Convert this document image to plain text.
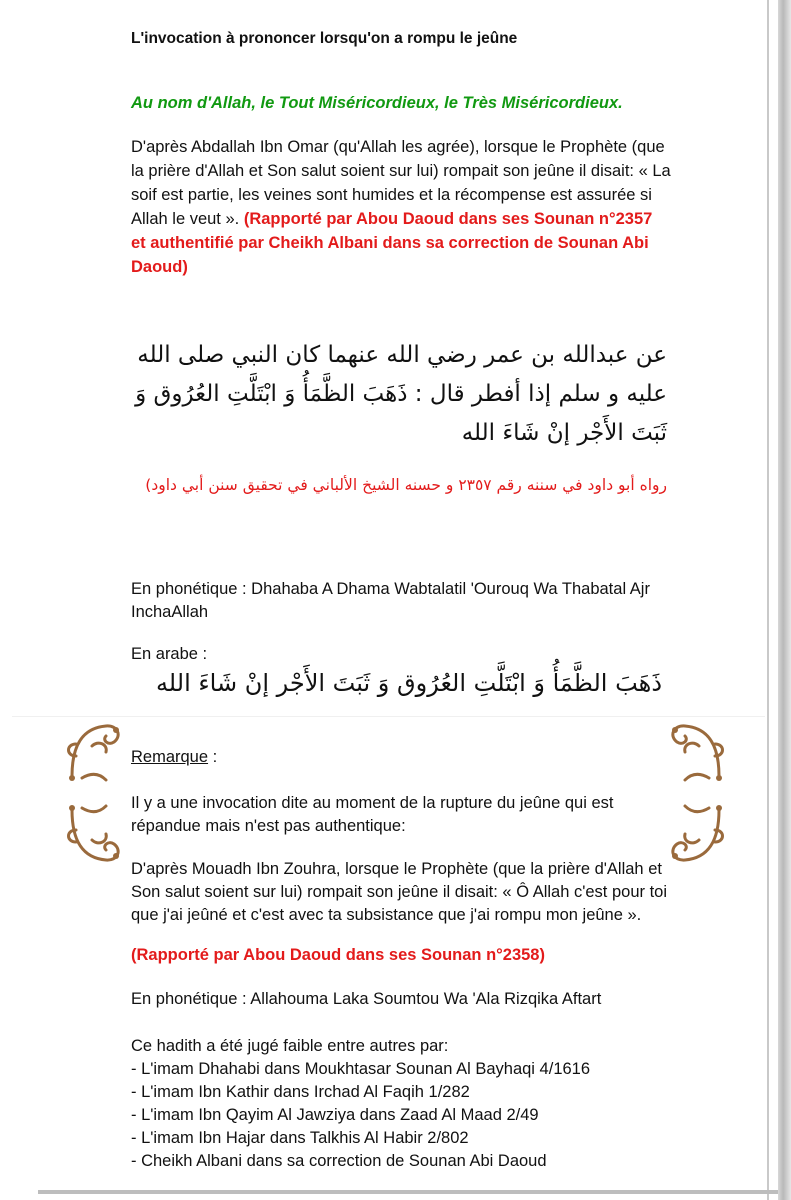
L'invocation à prononcer lorsqu'on a rompu le jeûne

Au nom d'Allah, le Tout Miséricordieux, le Très Miséricordieux.

D'après Abdallah Ibn Omar (qu'Allah les agrée), lorsque le Prophète (que la prière d'Allah et Son salut soient sur lui) rompait son jeûne il disait: « La soif est partie, les veines sont humides et la récompense est assurée si Allah le veut ». (Rapporté par Abou Daoud dans ses Sounan n°2357 et authentifié par Cheikh Albani dans sa correction de Sounan Abi Daoud)

عن عبدالله بن عمر رضي الله عنهما كان النبي صلى الله عليه و سلم إذا أفطر قال : ذَهَبَ الظَّمَأُ وَ ابْتَلَّتِ العُرُوق وَ ثَبَتَ الأَجْر إنْ شَاءَ الله

رواه أبو داود في سننه رقم ٢٣٥٧ و حسنه الشيخ الألباني في تحقيق سنن أبي داود)

En phonétique : Dhahaba A Dhama Wabtalatil 'Ourouq Wa Thabatal Ajr InchaAllah

En arabe :

ذَهَبَ الظَّمَأُ وَ ابْتَلَّتِ العُرُوق وَ ثَبَتَ الأَجْر إنْ شَاءَ الله

Remarque :

Il y a une invocation dite au moment de la rupture du jeûne qui est répandue mais n'est pas authentique:

D'après Mouadh Ibn Zouhra, lorsque le Prophète (que la prière d'Allah et Son salut soient sur lui) rompait son jeûne il disait: « Ô Allah c'est pour toi que j'ai jeûné et c'est avec ta subsistance que j'ai rompu mon jeûne ».

(Rapporté par Abou Daoud dans ses Sounan n°2358)

En phonétique : Allahouma Laka Soumtou Wa 'Ala Rizqika Aftart

Ce hadith a été jugé faible entre autres par:
- L'imam Dhahabi dans Moukhtasar Sounan Al Bayhaqi 4/1616
- L'imam Ibn Kathir dans Irchad Al Faqih 1/282
- L'imam Ibn Qayim Al Jawziya dans Zaad Al Maad 2/49
- L'imam Ibn Hajar dans Talkhis Al Habir 2/802
- Cheikh Albani dans sa correction de Sounan Abi Daoud
